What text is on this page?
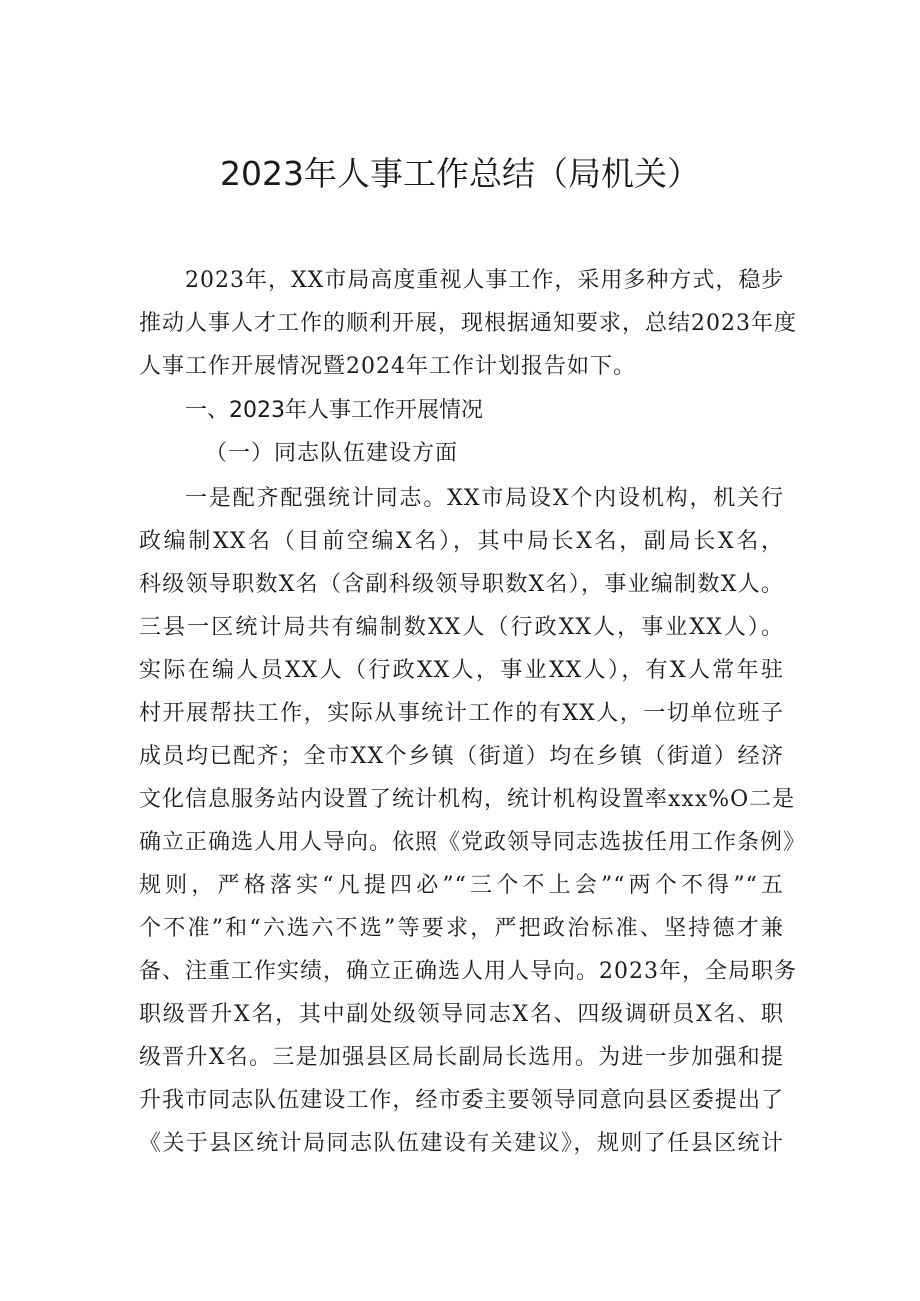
2023年人事工作总结（局机关）
2023年，XX市局高度重视人事工作，采用多种方式，稳步
推动人事人才工作的顺利开展，现根据通知要求，总结2023年度
人事工作开展情况暨2024年工作计划报告如下。
一、2023年人事工作开展情况
（一）同志队伍建设方面
一是配齐配强统计同志。XX市局设X个内设机构，机关行
政编制XX名（目前空编X名），其中局长X名，副局长X名，
科级领导职数X名（含副科级领导职数X名），事业编制数X人。
三县一区统计局共有编制数XX人（行政XX人，事业XX人）。
实际在编人员XX人（行政XX人，事业XX人），有X人常年驻
村开展帮扶工作，实际从事统计工作的有XX人，一切单位班子
成员均已配齐；全市XX个乡镇（街道）均在乡镇（街道）经济
文化信息服务站内设置了统计机构，统计机构设置率xxx%O二是
确立正确选人用人导向。依照《党政领导同志选拔任用工作条例》
规则，严格落实“凡提四必”“三个不上会”“两个不得”“五
个不准”和“六选六不选”等要求，严把政治标准、坚持德才兼
备、注重工作实绩，确立正确选人用人导向。2023年，全局职务
职级晋升X名，其中副处级领导同志X名、四级调研员X名、职
级晋升X名。三是加强县区局长副局长选用。为进一步加强和提
升我市同志队伍建设工作，经市委主要领导同意向县区委提出了
《关于县区统计局同志队伍建设有关建议》，规则了任县区统计
